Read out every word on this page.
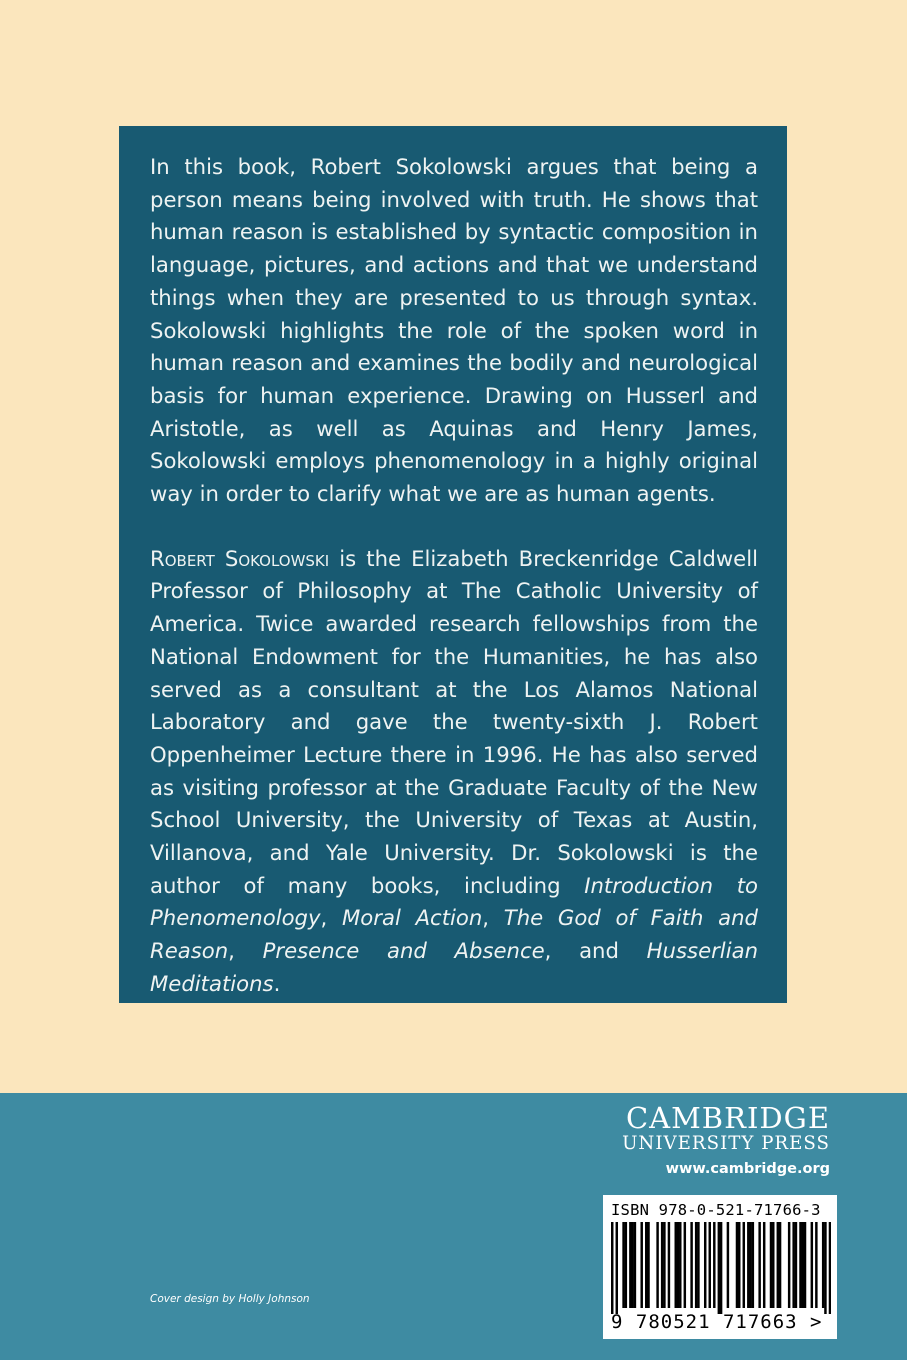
In this book, Robert Sokolowski argues that being a person means being involved with truth. He shows that human reason is established by syntactic composition in language, pictures, and actions and that we understand things when they are presented to us through syntax. Sokolowski highlights the role of the spoken word in human reason and examines the bodily and neurological basis for human experience. Drawing on Husserl and Aristotle, as well as Aquinas and Henry James, Sokolowski employs phenomenology in a highly original way in order to clarify what we are as human agents.

Robert Sokolowski is the Elizabeth Breckenridge Caldwell Professor of Philosophy at The Catholic University of America. Twice awarded research fellowships from the National Endowment for the Humanities, he has also served as a consultant at the Los Alamos National Laboratory and gave the twenty-sixth J. Robert Oppenheimer Lecture there in 1996. He has also served as visiting professor at the Graduate Faculty of the New School University, the University of Texas at Austin, Villanova, and Yale University. Dr. Sokolowski is the author of many books, including Introduction to Phenomenology, Moral Action, The God of Faith and Reason, Presence and Absence, and Husserlian Meditations.

CAMBRIDGE
UNIVERSITY PRESS
www.cambridge.org
ISBN 978-0-521-71766-3
9 780521 717663 >
Cover design by Holly Johnson
